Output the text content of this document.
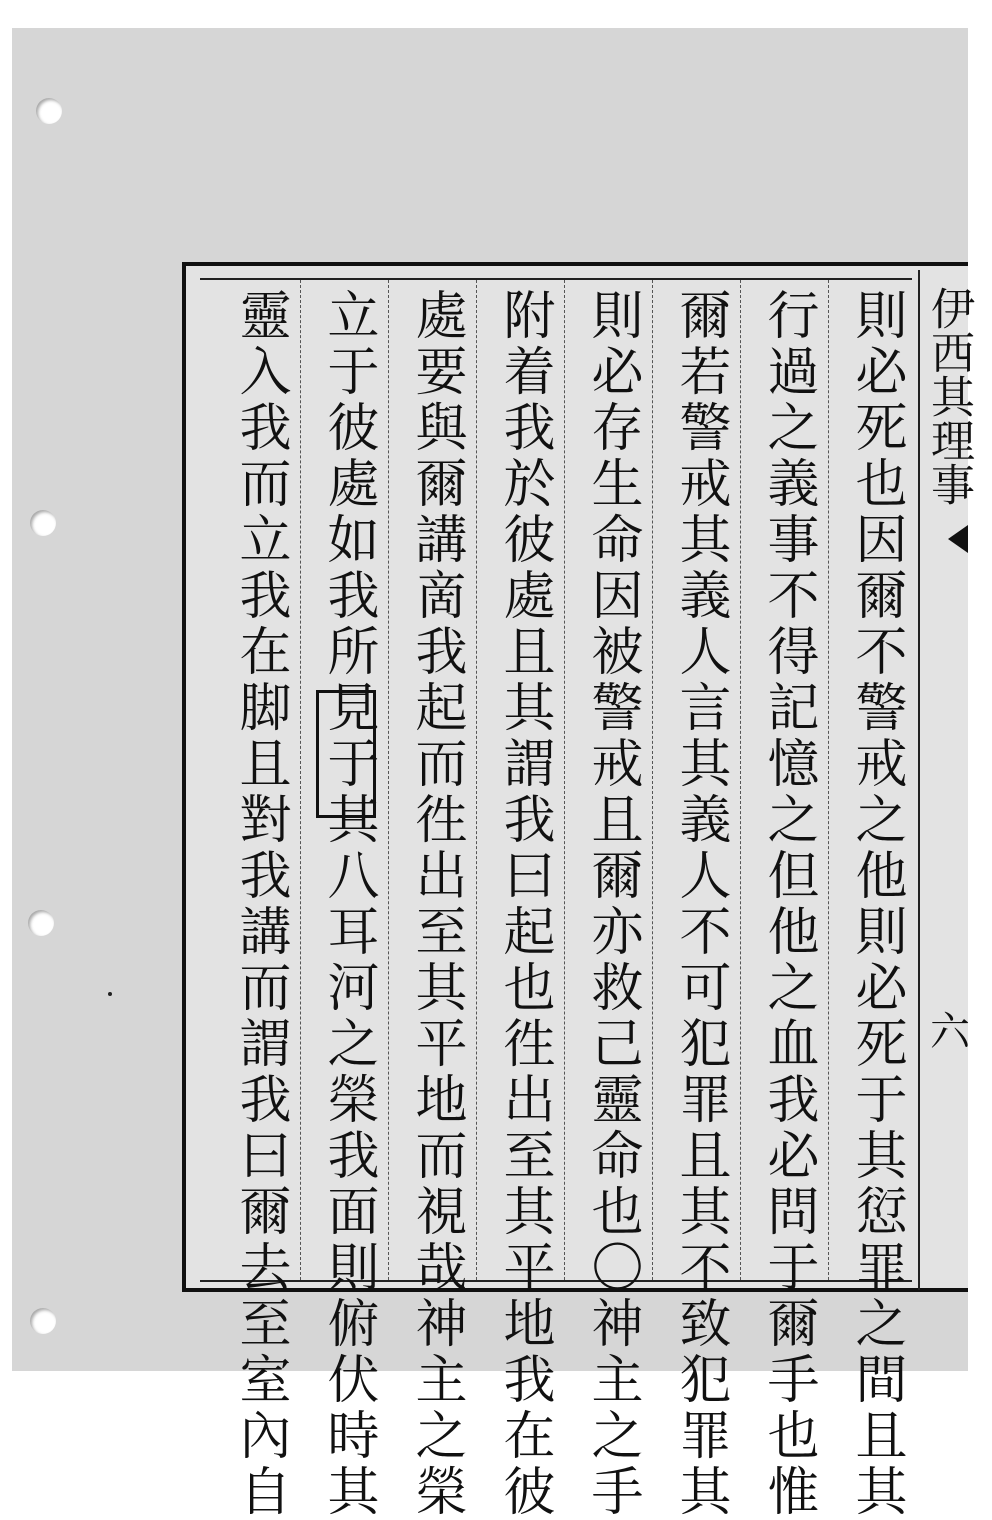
則必死也因爾不警戒之他則必死于其愆罪之間且其
行過之義事不得記憶之但他之血我必問于爾手也惟
爾若警戒其義人言其義人不可犯罪且其不致犯罪其
則必存生命因被警戒且爾亦救己靈命也〇神主之手
附着我於彼處且其謂我曰起也徃出至其平地我在彼
處要與爾講啇我起而徃出至其平地而視哉神主之榮
立于彼處如我所見于其八耳河之榮我面則俯伏時其
靈入我而立我在脚且對我講而謂我曰爾去至室內自	伊西其理事
六
